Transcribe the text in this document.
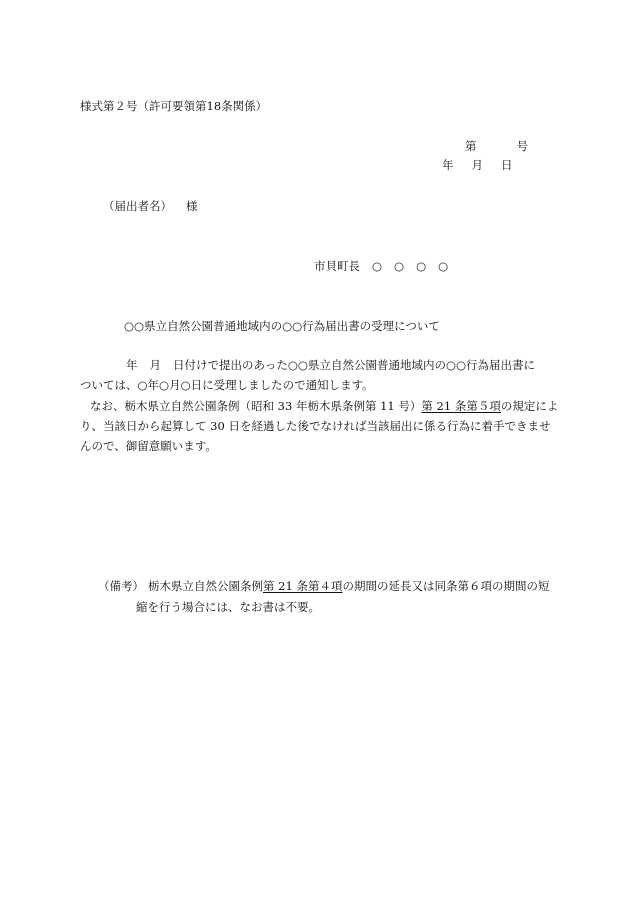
様式第２号（許可要領第18条関係）
第	号
年 月 日
（届出者名） 様
市貝町長 ○ ○ ○ ○
○○県立自然公園普通地域内の○○行為届出書の受理について
年 月 日付けで提出のあった○○県立自然公園普通地域内の○○行為届出書に
ついては、○年○月○日に受理しましたので通知します。
なお、栃木県立自然公園条例（昭和 33 年栃木県条例第 11 号）第 21 条第５項の規定によ
り、当該日から起算して 30 日を経過した後でなければ当該届出に係る行為に着手できませ
んので、御留意願います。
（備考） 栃木県立自然公園条例第 21 条第４項の期間の延長又は同条第６項の期間の短
縮を行う場合には、なお書は不要。
